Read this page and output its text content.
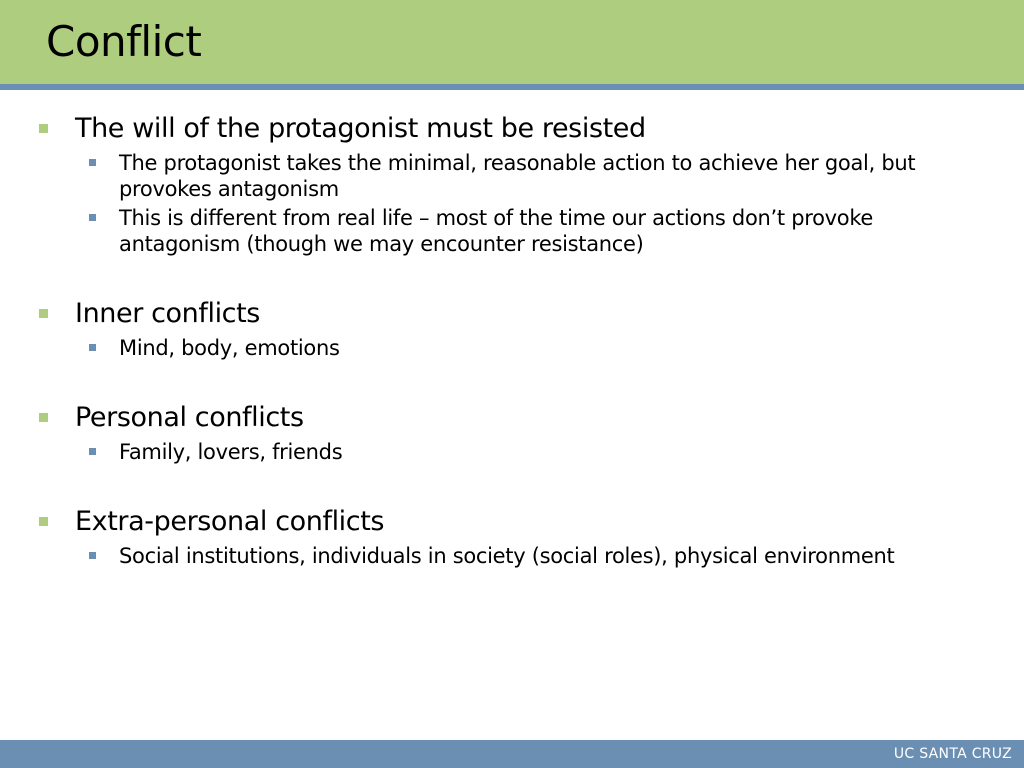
Conflict
The will of the protagonist must be resisted
The protagonist takes the minimal, reasonable action to achieve her goal, but provokes antagonism
This is different from real life – most of the time our actions don’t provoke antagonism (though we may encounter resistance)
Inner conflicts
Mind, body, emotions
Personal conflicts
Family, lovers, friends
Extra-personal conflicts
Social institutions, individuals in society (social roles), physical environment
UC SANTA CRUZ
